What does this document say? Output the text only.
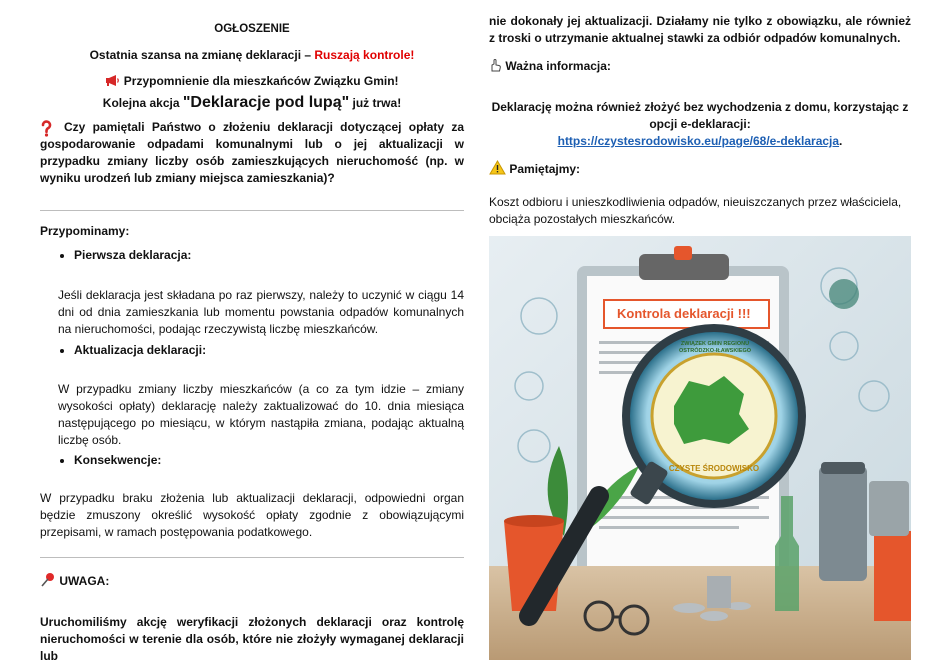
OGŁOSZENIE
Ostatnia szansa na zmianę deklaracji – Ruszają kontrole!
Przypomnienie dla mieszkańców Związku Gmin!
Kolejna akcja "Deklaracje pod lupą" już trwa!

Czy pamiętali Państwo o złożeniu deklaracji dotyczącej opłaty za gospodarowanie odpadami komunalnymi lub o jej aktualizacji w przypadku zmiany liczby osób zamieszkujących nieruchomość (np. w wyniku urodzeń lub zmiany miejsca zamieszkania)?

Przypominamy:
• Pierwsza deklaracja:

Jeśli deklaracja jest składana po raz pierwszy, należy to uczynić w ciągu 14 dni od dnia zamieszkania lub momentu powstania odpadów komunalnych na nieruchomości, podając rzeczywistą liczbę mieszkańców.

• Aktualizacja deklaracji:

W przypadku zmiany liczby mieszkańców (a co za tym idzie – zmiany wysokości opłaty) deklarację należy zaktualizować do 10. dnia miesiąca następującego po miesiącu, w którym nastąpiła zmiana, podając aktualną liczbę osób.

• Konsekwencje:

W przypadku braku złożenia lub aktualizacji deklaracji, odpowiedni organ będzie zmuszony określić wysokość opłaty zgodnie z obowiązującymi przepisami, w ramach postępowania podatkowego.

UWAGA:

Uruchomiliśmy akcję weryfikacji złożonych deklaracji oraz kontrolę nieruchomości w terenie dla osób, które nie złożyły wymaganej deklaracji lub

nie dokonały jej aktualizacji. Działamy nie tylko z obowiązku, ale również z troski o utrzymanie aktualnej stawki za odbiór odpadów komunalnych.

Ważna informacja:

Deklarację można również złożyć bez wychodzenia z domu, korzystając z opcji e-deklaracji:

https://czystesrodowisko.eu/page/68/e-deklaracja.

Pamiętajmy:

Koszt odbioru i unieszkodliwienia odpadów, nieuiszczanych przez właściciela, obciąża pozostałych mieszkańców.

Kontrola deklaracji !!!
ZWIĄZEK GMIN REGIONU OSTRÓDZKO-IŁAWSKIEGO
CZYSTE ŚRODOWISKO
